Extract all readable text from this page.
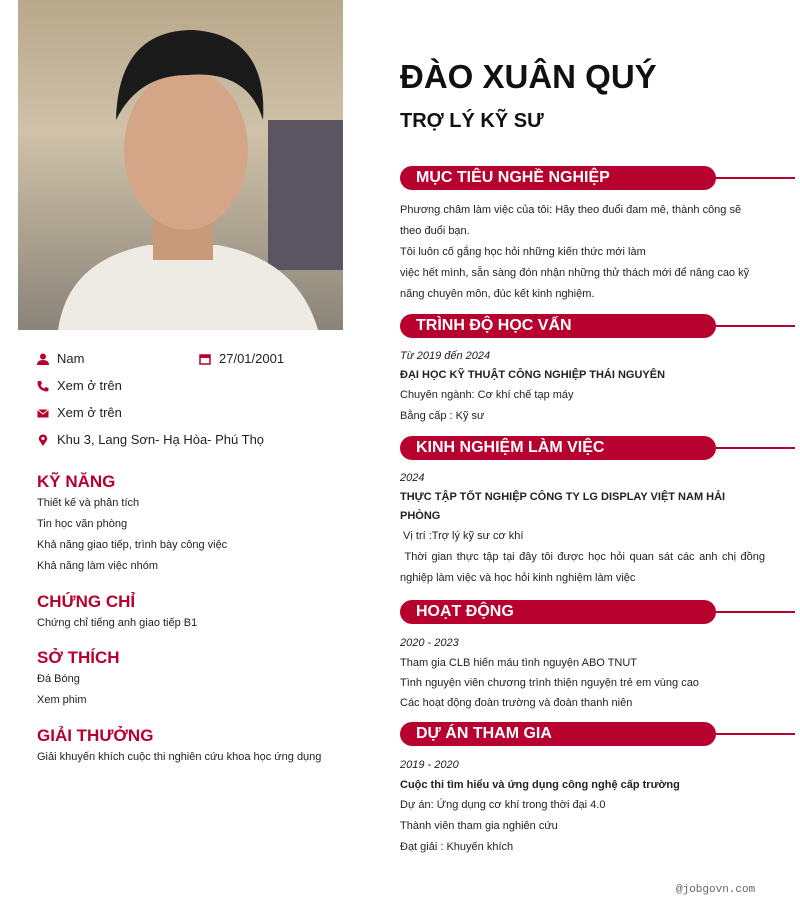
Nam	27/01/2001
Xem ở trên
Xem ở trên
Khu 3, Lang Sơn- Hạ Hòa- Phú Thọ
KỸ NĂNG
Thiết kế và phân tích
Tin học văn phòng
Khả năng giao tiếp, trình bày công việc
Khả năng làm việc nhóm
CHỨNG CHỈ
Chứng chỉ tiếng anh giao tiếp B1
SỞ THÍCH
Đá Bóng
Xem phim
GIẢI THƯỞNG
Giải khuyến khích cuộc thi nghiên cứu khoa học ứng dụng
ĐÀO XUÂN QUÝ
TRỢ LÝ KỸ SƯ
MỤC TIÊU NGHỀ NGHIỆP
Phương châm làm việc của tôi: Hãy theo đuổi đam mê, thành công sẽ
theo đuổi bạn.
Tôi luôn cố gắng học hỏi những kiến thức mới làm
việc hết mình, sẵn sàng đón nhận những thử thách mới để nâng cao kỹ
năng chuyên môn, đúc kết kinh nghiệm.
TRÌNH ĐỘ HỌC VẤN
Từ 2019 đến 2024
ĐẠI HỌC KỸ THUẬT CÔNG NGHIỆP THÁI NGUYÊN
Chuyên ngành: Cơ khí chế tạp máy
Bằng cấp : Kỹ sư
KINH NGHIỆM LÀM VIỆC
2024
THỰC TẬP TỐT NGHIỆP CÔNG TY LG DISPLAY VIỆT NAM HẢI PHÒNG
Vị trí :Trợ lý kỹ sư cơ khí
Thời gian thực tập tại đây tôi được học hỏi quan sát các anh chị đồng nghiệp làm việc và học hỏi kinh nghiệm làm việc
HOẠT ĐỘNG
2020 - 2023
Tham gia CLB hiến máu tình nguyện ABO TNUT
Tình nguyện viên chương trình thiện nguyện trẻ em vùng cao
Các hoạt động đoàn trường và đoàn thanh niên
DỰ ÁN THAM GIA
2019 - 2020
Cuộc thi tìm hiểu và ứng dụng công nghệ cấp trường
Dự án: Ứng dụng cơ khí trong thời đại 4.0
Thành viên tham gia nghiên cứu
Đạt giải : Khuyến khích
@jobgovn.com
